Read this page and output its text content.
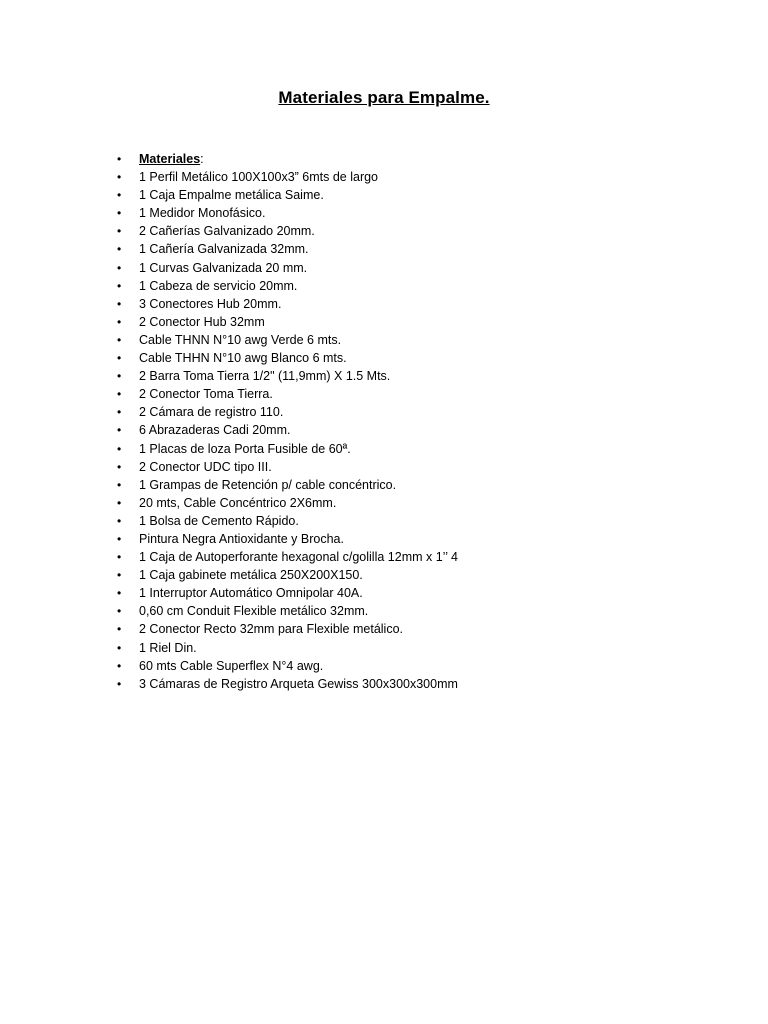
Materiales para Empalme.
• Materiales:
• 1 Perfil Metálico 100X100x3” 6mts de largo
• 1 Caja Empalme metálica Saime.
• 1 Medidor Monofásico.
• 2 Cañerías Galvanizado 20mm.
• 1 Cañería Galvanizada 32mm.
• 1 Curvas Galvanizada 20 mm.
• 1 Cabeza de servicio 20mm.
• 3 Conectores Hub 20mm.
• 2 Conector Hub 32mm
• Cable THNN N°10 awg Verde 6 mts.
• Cable THHN N°10 awg Blanco 6 mts.
• 2 Barra Toma Tierra 1/2" (11,9mm) X 1.5 Mts.
• 2 Conector Toma Tierra.
• 2 Cámara de registro 110.
• 6 Abrazaderas Cadi 20mm.
• 1 Placas de loza Porta Fusible de 60ª.
• 2 Conector UDC tipo III.
• 1 Grampas de Retención p/ cable concéntrico.
• 20 mts, Cable Concéntrico 2X6mm.
• 1 Bolsa de Cemento Rápido.
• Pintura Negra Antioxidante y Brocha.
• 1 Caja de Autoperforante hexagonal c/golilla 12mm x 1’’ 4
• 1 Caja gabinete metálica 250X200X150.
• 1 Interruptor Automático Omnipolar 40A.
• 0,60 cm Conduit Flexible metálico 32mm.
• 2 Conector Recto 32mm para Flexible metálico.
• 1 Riel Din.
• 60 mts Cable Superflex N°4 awg.
• 3 Cámaras de Registro Arqueta Gewiss 300x300x300mm
